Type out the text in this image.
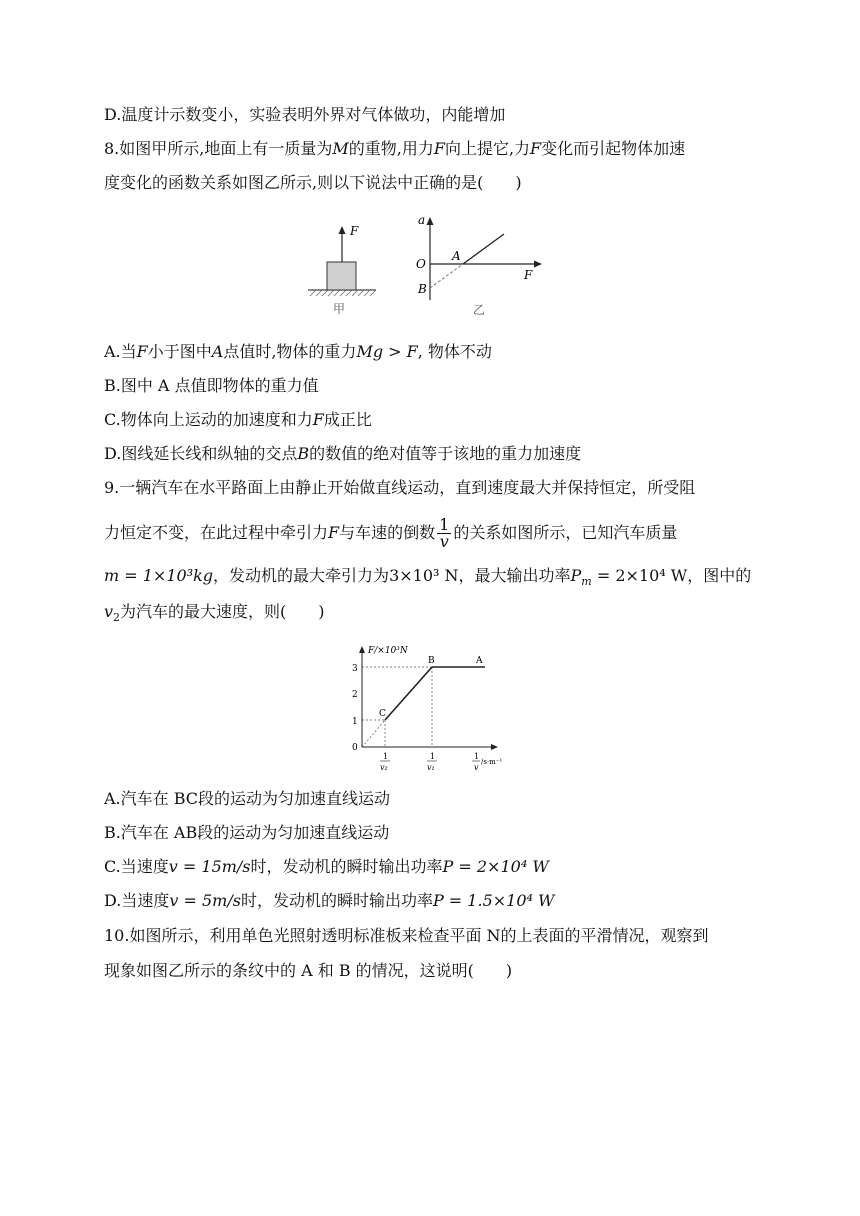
D.温度计示数变小，实验表明外界对气体做功，内能增加
8.如图甲所示,地面上有一质量为M的重物,用力F向上提它,力F变化而引起物体加速
度变化的函数关系如图乙所示,则以下说法中正确的是(　　)
F
甲
a
O
A
B
F
乙
A.当F小于图中A点值时,物体的重力Mg > F, 物体不动
B.图中 A 点值即物体的重力值
C.物体向上运动的加速度和力F成正比
D.图线延长线和纵轴的交点B的数值的绝对值等于该地的重力加速度
9.一辆汽车在水平路面上由静止开始做直线运动，直到速度最大并保持恒定，所受阻
力恒定不变，在此过程中牵引力F与车速的倒数 $\frac{1}{v}$ 的关系如图所示，已知汽车质量
m = 1×10³kg，发动机的最大牵引力为3×10³ N，最大输出功率$P_m = 2\times 10^4$ W，图中的
$v_2$为汽车的最大速度，则(　　)
F/×10³N
3
2
1
0
B	A
C
1
v₂
1
v₁
1
v
/s·m⁻¹
A.汽车在 BC段的运动为匀加速直线运动
B.汽车在 AB段的运动为匀加速直线运动
C.当速度v = 15m/s时，发动机的瞬时输出功率P = 2×10⁴ W
D.当速度v = 5m/s时，发动机的瞬时输出功率P = 1.5×10⁴ W
10.如图所示，利用单色光照射透明标准板来检查平面 N的上表面的平滑情况，观察到
现象如图乙所示的条纹中的 A 和 B 的情况，这说明(　　)
